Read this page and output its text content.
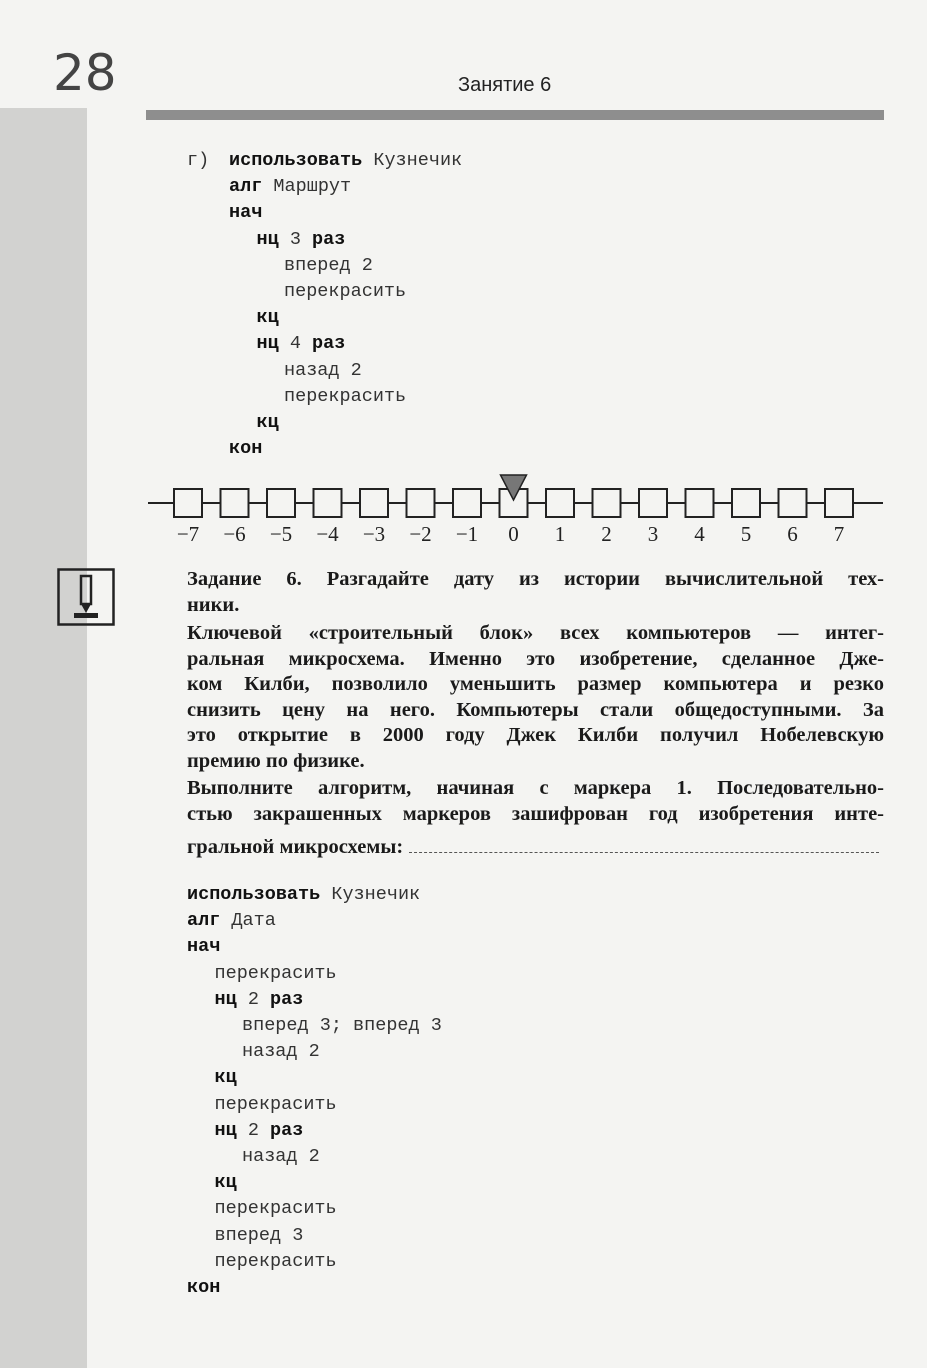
28	Занятие 6
г) использовать Кузнечик
алг Маршрут
нач
нц 3 раз
вперед 2
перекрасить
кц
нц 4 раз
назад 2
перекрасить
кц
кон
−7	−6	−5	−4	−3	−2	−1	0	1	2	3	4	5	6	7
Задание 6. Разгадайте дату из истории вычислительной тех-
ники.
Ключевой «строительный блок» всех компьютеров — интег-
ральная микросхема. Именно это изобретение, сделанное Дже-
ком Килби, позволило уменьшить размер компьютера и резко
снизить цену на него. Компьютеры стали общедоступными. За
это открытие в 2000 году Джек Килби получил Нобелевскую
премию по физике.
Выполните алгоритм, начиная с маркера 1. Последовательно-
стью закрашенных маркеров зашифрован год изобретения инте-
гральной микросхемы:
использовать Кузнечик
алг Дата
нач
перекрасить
нц 2 раз
вперед 3; вперед 3
назад 2
кц
перекрасить
нц 2 раз
назад 2
кц
перекрасить
вперед 3
перекрасить
кон
